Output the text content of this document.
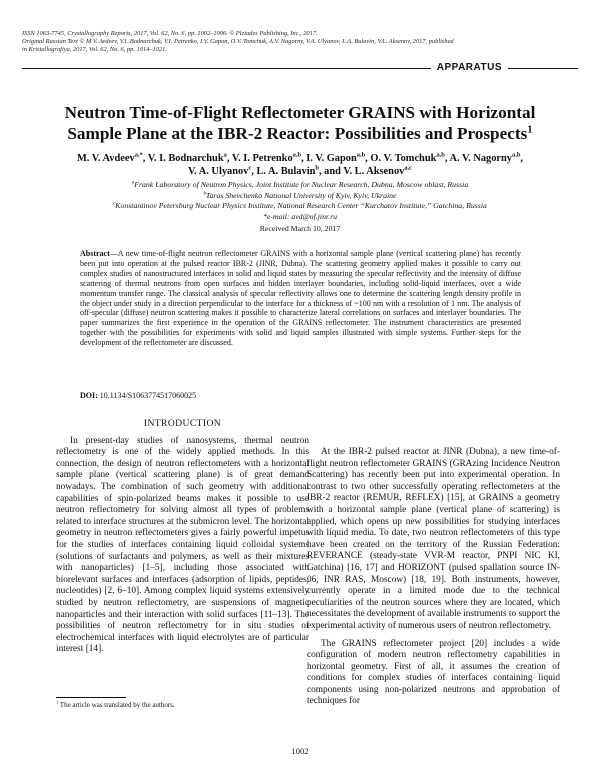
ISSN 1063-7745, Crystallography Reports, 2017, Vol. 62, No. 6, pp. 1002–1006. © Pleiades Publishing, Inc., 2017.
Original Russian Text © M.V. Avdeev, V.I. Bodnarchuk, V.I. Petrenko, I.V. Gapon, O.V. Tomchuk, A.V. Nagorny, V.A. Ulyanov, L.A. Bulavin, V.L. Aksenov, 2017, published
in Kristallografiya, 2017, Vol. 62, No. 6, pp. 1014–1021.
APPARATUS
Neutron Time-of-Flight Reflectometer GRAINS with Horizontal Sample Plane at the IBR-2 Reactor: Possibilities and Prospects$^1$
M. V. Avdeev$^{a,*}$, V. I. Bodnarchuk$^a$, V. I. Petrenko$^{a,b}$, I. V. Gapon$^{a,b}$, O. V. Tomchuk$^{a,b}$, A. V. Nagorny$^{a,b}$,
V. A. Ulyanov$^c$, L. A. Bulavin$^b$, and V. L. Aksenov$^{a,c}$
$^a$Frank Laboratory of Neutron Physics, Joint Institute for Nuclear Research, Dubna, Moscow oblast, Russia
$^b$Taras Shevchenko National University of Kyiv, Kyiv, Ukraine
$^c$Konstantinov Petersburg Nuclear Physics Institute, National Research Center “Kurchatov Institute,” Gatchina, Russia
*e-mail: avd@nf.jinr.ru
Received March 10, 2017
Abstract—A new time-of-flight neutron reflectometer GRAINS with a horizontal sample plane (vertical scattering plane) has recently been put into operation at the pulsed reactor IBR-2 (JINR, Dubna). The scattering geometry applied makes it possible to carry out complex studies of nanostructured interfaces in solid and liquid states by measuring the specular reflectivity and the intensity of diffuse scattering of thermal neutrons from open surfaces and hidden interlayer boundaries, including solid-liquid interfaces, over a wide momentum transfer range. The classical analysis of specular reflectivity allows one to determine the scattering length density profile in the object under study in a direction perpendicular to the interface for a thickness of ~100 nm with a resolution of 1 nm. The analysis of off-specular (diffuse) neutron scattering makes it possible to characterize lateral correlations on surfaces and interlayer boundaries. The paper summarizes the first experience in the operation of the GRAINS reflectometer. The instrument characteristics are presented together with the possibilities for experiments with solid and liquid samples illustrated with simple systems. Further steps for the development of the reflectometer are discussed.
DOI: 10.1134/S1063774517060025

INTRODUCTION

In present-day studies of nanosystems, thermal neutron reflectometry is one of the widely applied methods. In this connection, the design of neutron reflectometers with a horizontal sample plane (vertical scattering plane) is of great demand nowadays. The combination of such geometry with additional capabilities of spin-polarized beams makes it possible to use neutron reflectometry for solving almost all types of problems related to interface structures at the submicron level. The horizontal geometry in neutron reflectometers gives a fairly powerful impetus for the studies of interfaces containing liquid colloidal systems (solutions of surfactants and polymers, as well as their mixtures with nanoparticles) [1–5], including those associated with biorelevant surfaces and interfaces (adsorption of lipids, peptides, nucleotides) [2, 6–10]. Among complex liquid systems extensively studied by neutron reflectometry, are suspensions of magnetic nanoparticles and their interaction with solid surfaces [11–13]. The possibilities of neutron reflectometry for in situ studies of electrochemical interfaces with liquid electrolytes are of particular interest [14].

At the IBR-2 pulsed reactor at JINR (Dubna), a new time-of-flight neutron reflectometer GRAINS (GRAzing Incidence Neutron Scattering) has recently been put into experimental operation. In contrast to two other successfully operating reflectometers at the IBR-2 reactor (REMUR, REFLEX) [15], at GRAINS a geometry with a horizontal sample plane (vertical plane of scattering) is applied, which opens up new possibilities for studying interfaces with liquid media. To date, two neutron reflectometers of this type have been created on the territory of the Russian Federation: REVERANCE (steady-state VVR-M reactor, PNPI NIC KI, Gatchina) [16, 17] and HORIZONT (pulsed spallation source IN-06, INR RAS, Moscow) [18, 19]. Both instruments, however, currently operate in a limited mode due to the technical peculiarities of the neutron sources where they are located, which necessitates the development of available instruments to support the experimental activity of numerous users of neutron reflectometry.

The GRAINS reflectometer project [20] includes a wide configuration of modern neutron reflectometry capabilities in horizontal geometry. First of all, it assumes the creation of conditions for complex studies of interfaces containing liquid components using non-polarized neutrons and approbation of techniques for

$^1$ The article was translated by the authors.
1002
